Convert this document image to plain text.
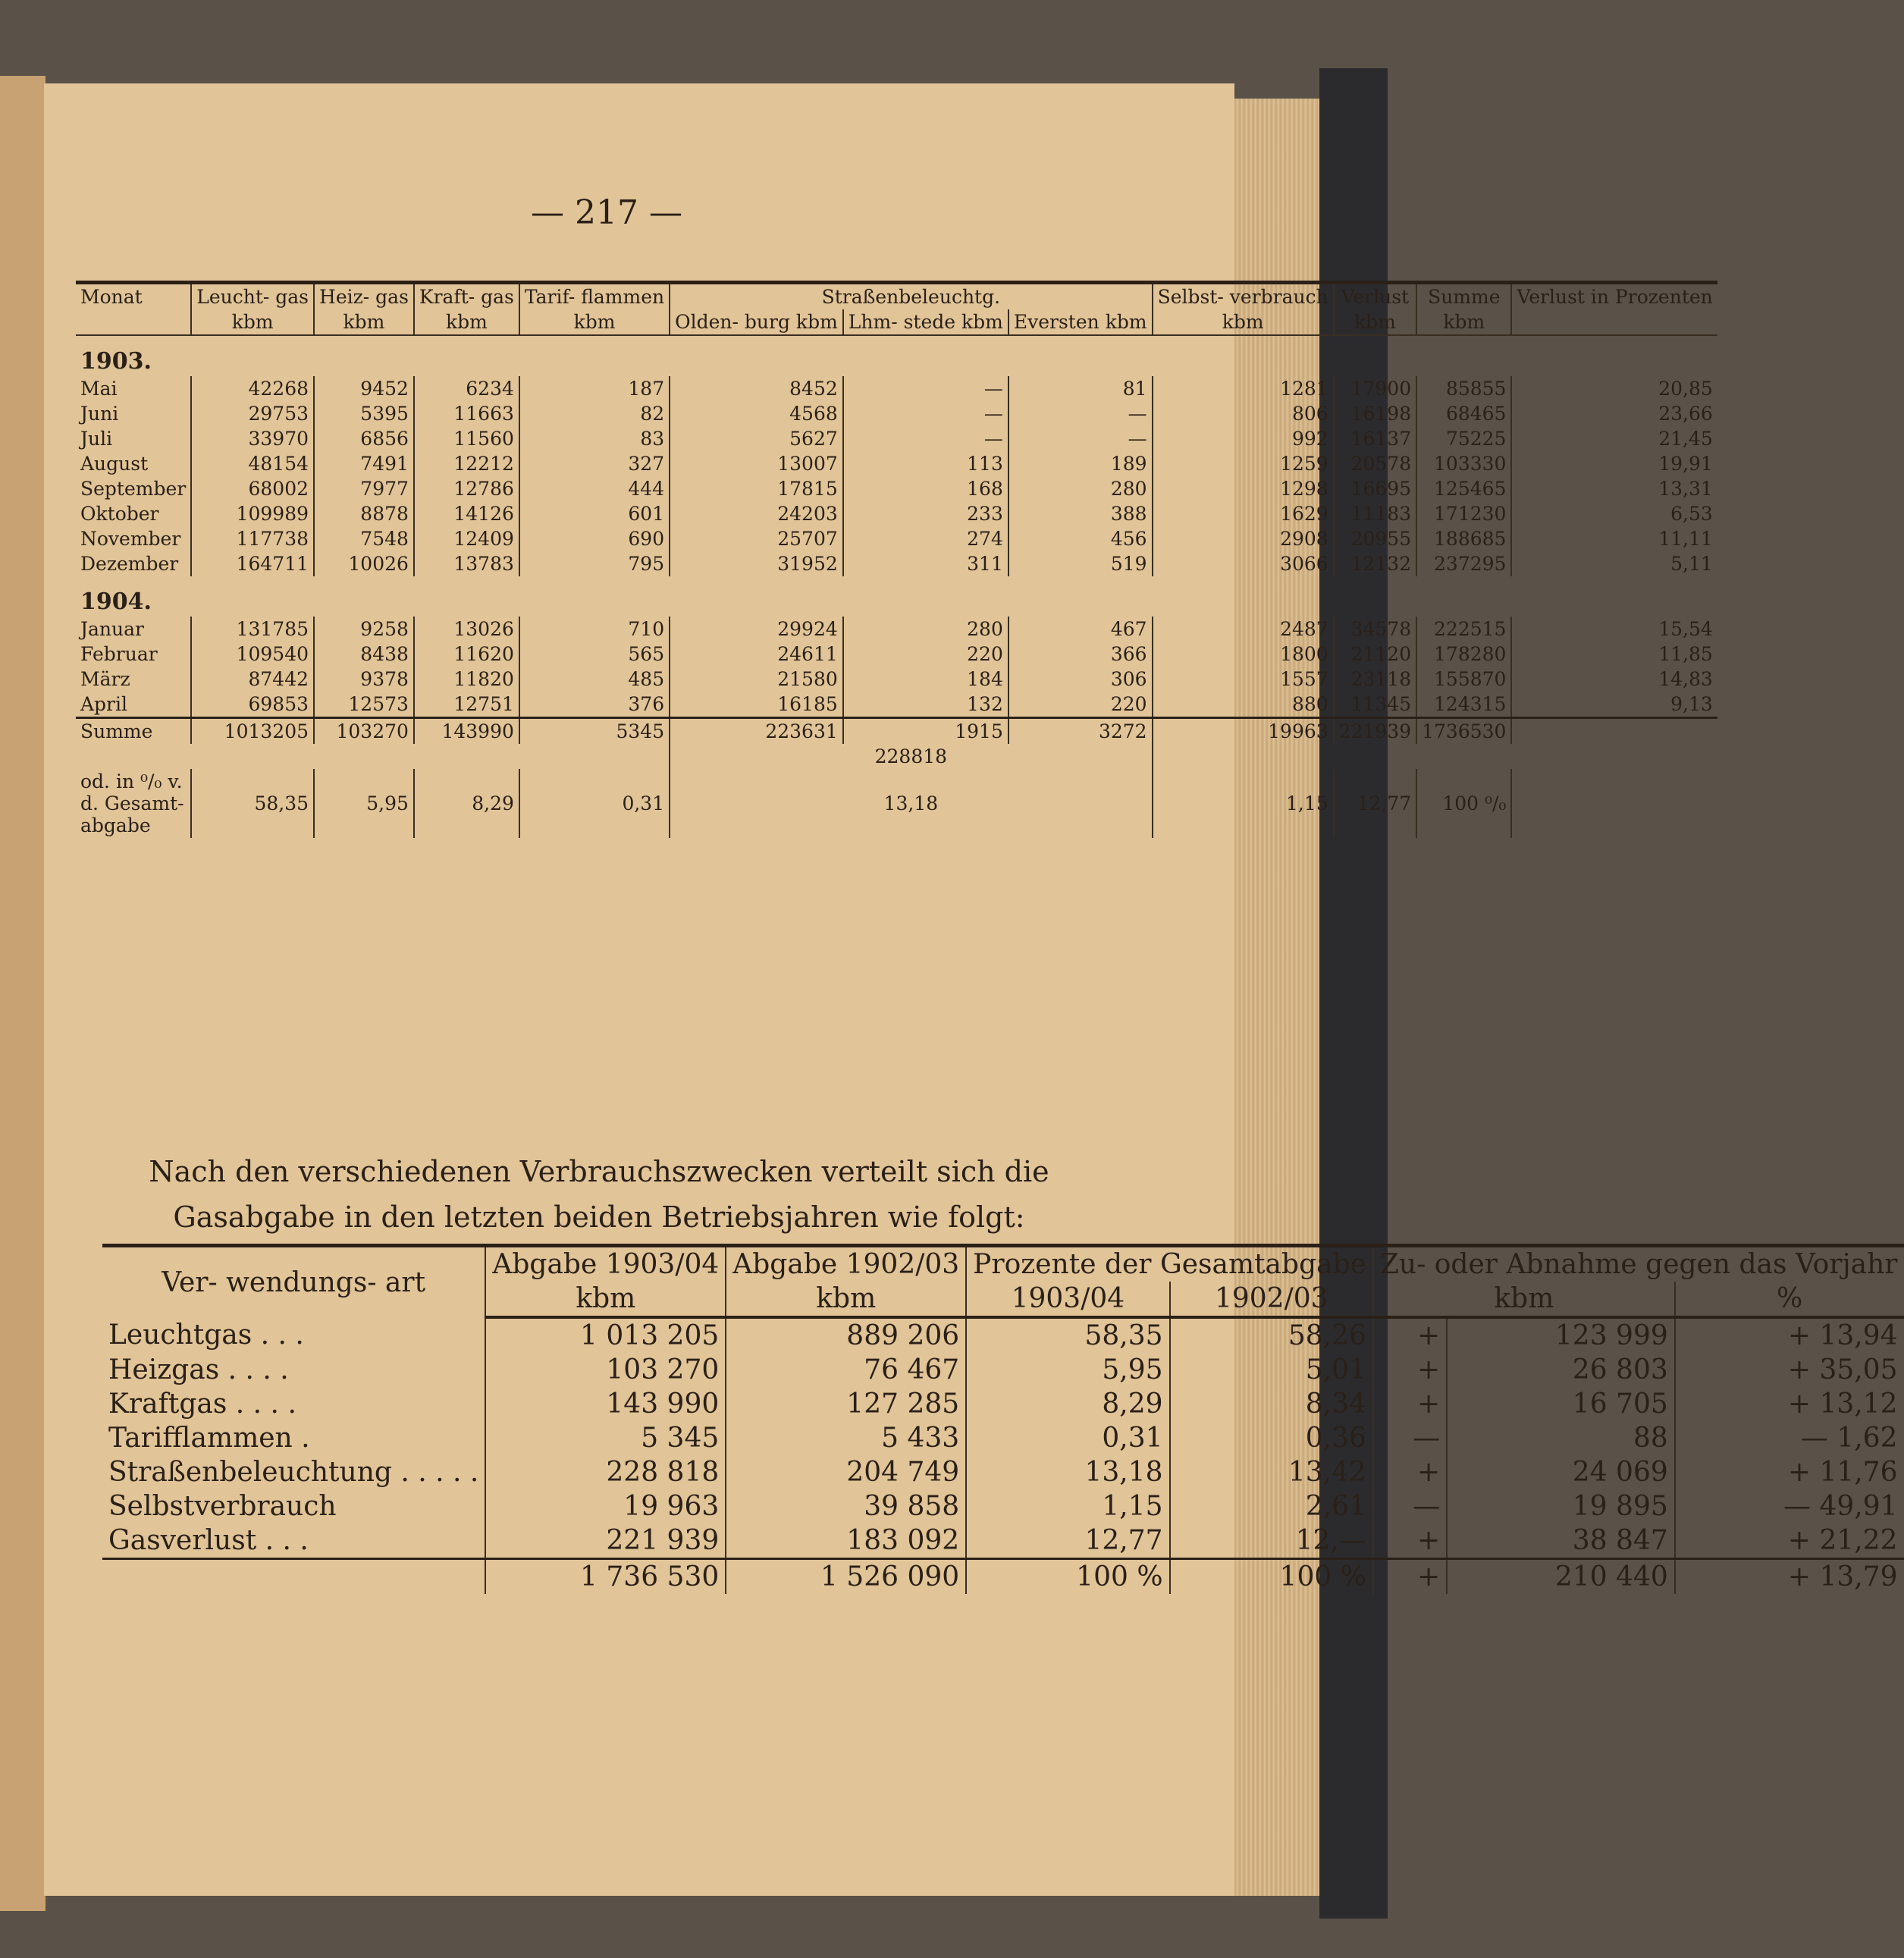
— 217 —
Monat	Leucht- gas	Heiz- gas	Kraft- gas	Tarif- flammen	Straßenbeleuchtg.			Selbst- verbrauch	Verlust	Summe	Verlust in Prozenten
	kbm	kbm	kbm	kbm	Olden- burg kbm	Lhm- stede kbm	Eversten kbm	kbm	kbm	kbm	
1903.											
Mai	42268	9452	6234	187	8452	—	81	1281	17900	85855	20,85
Juni	29753	5395	11663	82	4568	—	—	806	16198	68465	23,66
Juli	33970	6856	11560	83	5627	—	—	992	16137	75225	21,45
August	48154	7491	12212	327	13007	113	189	1259	20578	103330	19,91
September	68002	7977	12786	444	17815	168	280	1298	16695	125465	13,31
Oktober	109989	8878	14126	601	24203	233	388	1629	11183	171230	6,53
November	117738	7548	12409	690	25707	274	456	2908	20955	188685	11,11
Dezember	164711	10026	13783	795	31952	311	519	3066	12132	237295	5,11
1904.											
Januar	131785	9258	13026	710	29924	280	467	2487	34578	222515	15,54
Februar	109540	8438	11620	565	24611	220	366	1800	21120	178280	11,85
März	87442	9378	11820	485	21580	184	306	1557	23118	155870	14,83
April	69853	12573	12751	376	16185	132	220	880	11345	124315	9,13
Summe	1013205	103270	143990	5345	223631	1915	3272	19963	221939	1736530	
					228818						
od. in ⁰/₀ v. d. Gesamt- abgabe	58,35	5,95	8,29	0,31	13,18			1,15	12,77	100 ⁰/₀	
Nach den verschiedenen Verbrauchszwecken verteilt sich die Gasabgabe in den letzten beiden Betriebsjahren wie folgt:
Ver- wendungs- art	Abgabe 1903/04	Abgabe 1902/03	Prozente der Gesamtabgabe		Zu- oder Abnahme gegen das Vorjahr		
	kbm	kbm	1903/04	1902/03	kbm		%
Leuchtgas . . .	1 013 205	889 206	58,35	58,26	+	123 999	+ 13,94
Heizgas . . . .	103 270	76 467	5,95	5,01	+	26 803	+ 35,05
Kraftgas . . . .	143 990	127 285	8,29	8,34	+	16 705	+ 13,12
Tarifflammen .	5 345	5 433	0,31	0,36	—	88	— 1,62
Straßenbeleuchtung . . . . .	228 818	204 749	13,18	13,42	+	24 069	+ 11,76
Selbstverbrauch	19 963	39 858	1,15	2,61	—	19 895	— 49,91
Gasverlust . . .	221 939	183 092	12,77	12,—	+	38 847	+ 21,22
	1 736 530	1 526 090	100 %	100 %	+	210 440	+ 13,79
